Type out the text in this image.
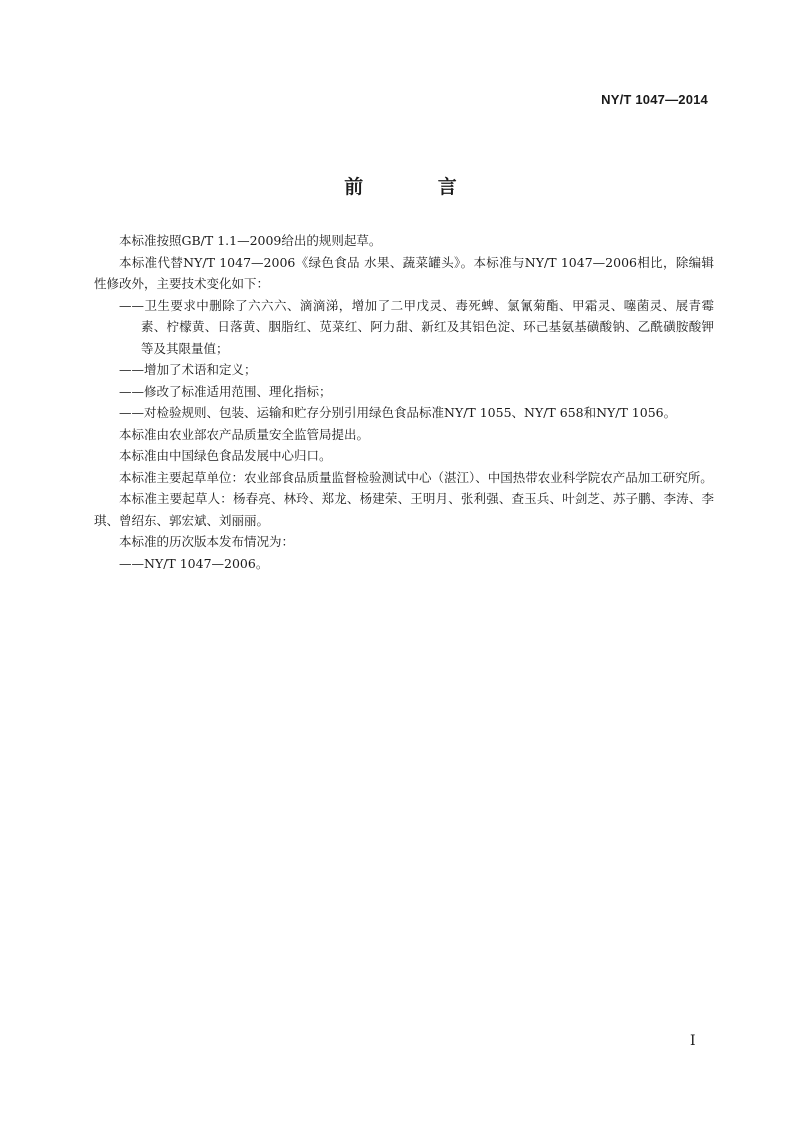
NY/T 1047—2014
前 言

本标准按照GB/T 1.1—2009给出的规则起草。

本标准代替NY/T 1047—2006《绿色食品 水果、蔬菜罐头》。本标准与NY/T 1047—2006相比，除编辑性修改外，主要技术变化如下：

——卫生要求中删除了六六六、滴滴涕，增加了二甲戊灵、毒死蜱、氯氰菊酯、甲霜灵、噻菌灵、展青霉素、柠檬黄、日落黄、胭脂红、苋菜红、阿力甜、新红及其铝色淀、环己基氨基磺酸钠、乙酰磺胺酸钾等及其限量值；

——增加了术语和定义；

——修改了标准适用范围、理化指标；

——对检验规则、包装、运输和贮存分别引用绿色食品标准NY/T 1055、NY/T 658和NY/T 1056。

本标准由农业部农产品质量安全监管局提出。

本标准由中国绿色食品发展中心归口。

本标准主要起草单位：农业部食品质量监督检验测试中心（湛江）、中国热带农业科学院农产品加工研究所。

本标准主要起草人：杨春亮、林玲、郑龙、杨建荣、王明月、张利强、查玉兵、叶剑芝、苏子鹏、李涛、李琪、曾绍东、郭宏斌、刘丽丽。

本标准的历次版本发布情况为：

——NY/T 1047—2006。

I
